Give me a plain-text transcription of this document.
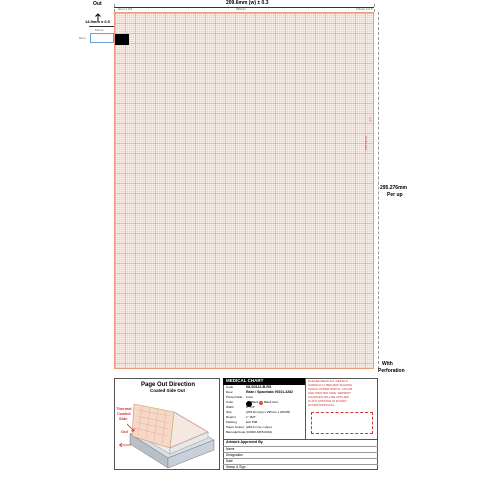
Out	209.6mm (w) ± 0.3
3mm ± 0.5	206mm	2.6mm ± 0.5
14.5mm ± 0.5
14mm
6mm
3.5
Perforation
295.276mm
Per up
With
Perforation
Page Out Direction
Coated Side Out
Thermal
Coated
Side
Out
MEDICAL CHART
Code	08-S0112-B-RS
Desc	Edan / Spacelabs 90101-3282
Printed Side Front
Color	Black Black Grid
Width	8" X 8"
Size	(209.6mm(w) x 295mm x 200/25)
Reprint	1" MAT
Packing	Exit P08
Paper Output (209.6 mm) x (Ape)
Barcode/Code (C0000-5255-0001)
Artwork Approved By
Name
Designation
Date
Stamp & Sign
PLEASE READ ALL DETAILS
CAREFULLY BEFORE SIGNING
CHECK PAPER WIDTH, COLOR
AND PRINTED SIDE. REPRINT
CHARGES WILL BE APPLIED
IF ANY MISTAKE IS FOUND
AFTER APPROVAL.
